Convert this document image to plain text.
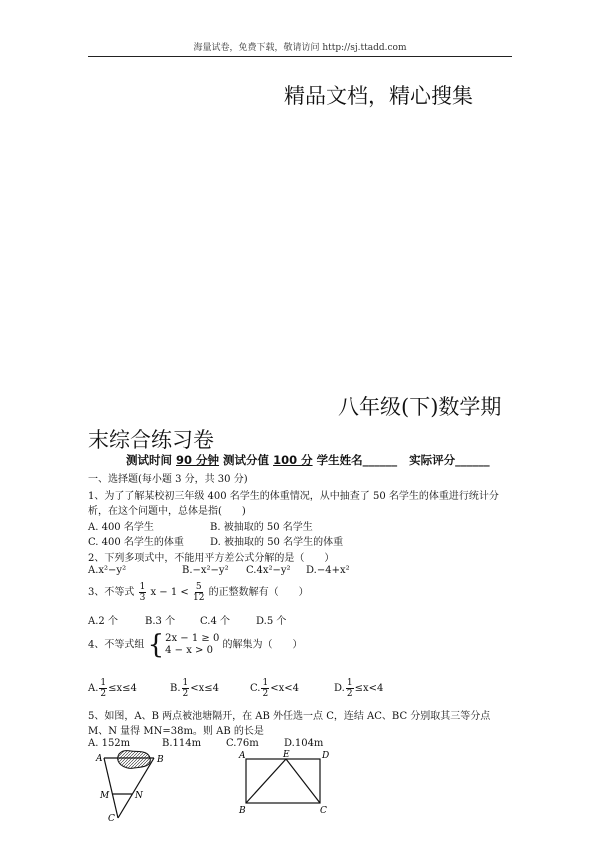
海量试卷，免费下载，敬请访问 http://sj.ttadd.com
精品文档，精心搜集
八年级(下)数学期
末综合练习卷
测试时间 90 分钟 测试分值 100 分 学生姓名______ 实际评分______
一、选择题(每小题 3 分，共 30 分)
1、为了了解某校初三年级 400 名学生的体重情况，从中抽查了 50 名学生的体重进行统计分
析，在这个问题中，总体是指(　　)
A. 400 名学生	B. 被抽取的 50 名学生
C. 400 名学生的体重	D. 被抽取的 50 名学生的体重
2、下列多项式中，不能用平方差公式分解的是（　　）
A.x²−y²	B.−x²−y² C.4x²−y² D.−4+x²
3、不等式 $\frac{1}{3}$ $x - 1 < \frac{5}{12}$ 的正整数解有（　　）
A.2 个	B.3 个 C.4 个	D.5 个
4、不等式组 { 2x − 1 ≥ 0
4 − x > 0 的解集为（　　）
A. $\frac{1}{2} \le x\le 4$	B. $\frac{1}{2} <x\le 4$	C. $\frac{1}{2} <x<4$	D. $\frac{1}{2} \le x<4$
5、如图，A、B 两点被池塘隔开，在 AB 外任选一点 C，连结 AC、BC 分别取其三等分点
M、N 量得 MN=38m。则 AB 的长是
A. 152m	B.114m C.76m	D.104m
A	B
M	N
C
A	E	D
B	C
